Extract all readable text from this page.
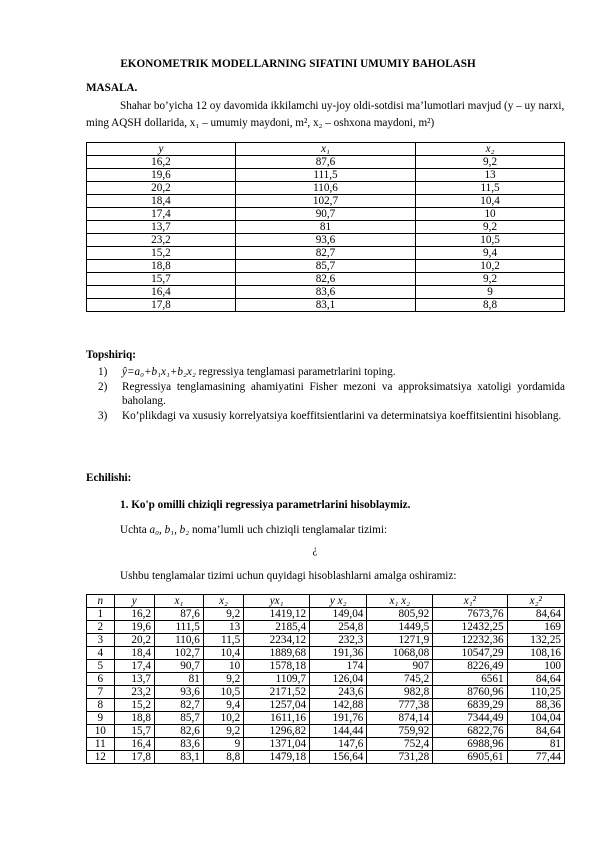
EKONOMETRIK MODELLARNING SIFATINI UMUMIY BAHOLASH
MASALA.
Shahar bo’yicha 12 oy davomida ikkilamchi uy-joy oldi-sotdisi ma’lumotlari mavjud (y – uy narxi, ming AQSH dollarida, x₁ – umumiy maydoni, m², x₂ – oshxona maydoni, m²)
y	x₁	x₂
16,2	87,6	9,2
19,6	111,5	13
20,2	110,6	11,5
18,4	102,7	10,4
17,4	90,7	10
13,7	81	9,2
23,2	93,6	10,5
15,2	82,7	9,4
18,8	85,7	10,2
15,7	82,6	9,2
16,4	83,6	9
17,8	83,1	8,8
Topshiriq:
1) ŷ=a₀+b₁x₁+b₂x₂ regressiya tenglamasi parametrlarini toping.
2) Regressiya tenglamasining ahamiyatini Fisher mezoni va approksimatsiya xatoligi yordamida baholang.
3) Ko’plikdagi va xususiy korrelyatsiya koeffitsientlarini va determinatsiya koeffitsientini hisoblang.
Echilishi:
1. Ko'p omilli chiziqli regressiya parametrlarini hisoblaymiz.
Uchta a₀, b₁, b₂ noma’lumli uch chiziqli tenglamalar tizimi:
¿
Ushbu tenglamalar tizimi uchun quyidagi hisoblashlarni amalga oshiramiz:
n	y	x₁	x₂	yx₁	y x₂	x₁ x₂	x₁²	x₂²
1	16,2	87,6	9,2	1419,12	149,04	805,92	7673,76	84,64
2	19,6	111,5	13	2185,4	254,8	1449,5	12432,25	169
3	20,2	110,6	11,5	2234,12	232,3	1271,9	12232,36	132,25
4	18,4	102,7	10,4	1889,68	191,36	1068,08	10547,29	108,16
5	17,4	90,7	10	1578,18	174	907	8226,49	100
6	13,7	81	9,2	1109,7	126,04	745,2	6561	84,64
7	23,2	93,6	10,5	2171,52	243,6	982,8	8760,96	110,25
8	15,2	82,7	9,4	1257,04	142,88	777,38	6839,29	88,36
9	18,8	85,7	10,2	1611,16	191,76	874,14	7344,49	104,04
10	15,7	82,6	9,2	1296,82	144,44	759,92	6822,76	84,64
11	16,4	83,6	9	1371,04	147,6	752,4	6988,96	81
12	17,8	83,1	8,8	1479,18	156,64	731,28	6905,61	77,44
